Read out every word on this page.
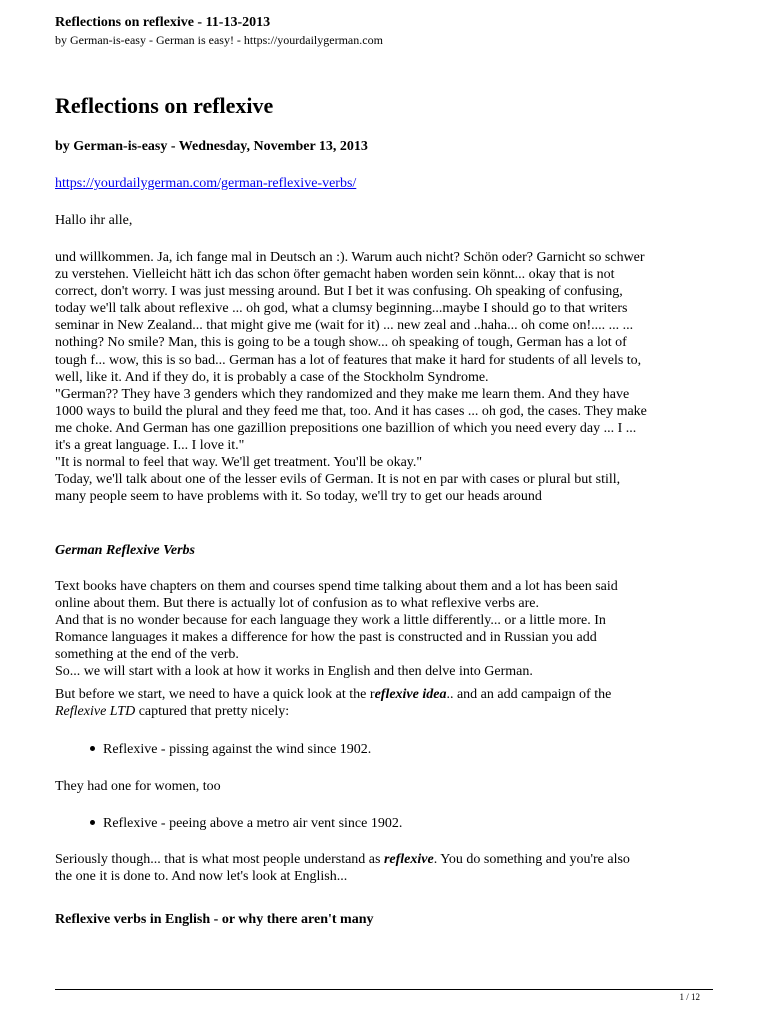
Reflections on reflexive - 11-13-2013
by German-is-easy - German is easy! - https://yourdailygerman.com
Reflections on reflexive
by German-is-easy - Wednesday, November 13, 2013
https://yourdailygerman.com/german-reflexive-verbs/
Hallo ihr alle,
und willkommen. Ja, ich fange mal in Deutsch an :). Warum auch nicht? Schön oder? Garnicht so schwer
zu verstehen. Vielleicht hätt ich das schon öfter gemacht haben worden sein könnt... okay that is not
correct, don't worry. I was just messing around. But I bet it was confusing. Oh speaking of confusing,
today we'll talk about reflexive ... oh god, what a clumsy beginning...maybe I should go to that writers
seminar in New Zealand... that might give me (wait for it) ... new zeal and ..haha... oh come on!.... ... ...
nothing? No smile? Man, this is going to be a tough show... oh speaking of tough, German has a lot of
tough f... wow, this is so bad... German has a lot of features that make it hard for students of all levels to,
well, like it. And if they do, it is probably a case of the Stockholm Syndrome.
"German?? They have 3 genders which they randomized and they make me learn them. And they have
1000 ways to build the plural and they feed me that, too. And it has cases ... oh god, the cases. They make
me choke. And German has one gazillion prepositions one bazillion of which you need every day ... I ...
it's a great language. I... I love it."
"It is normal to feel that way. We'll get treatment. You'll be okay."
Today, we'll talk about one of the lesser evils of German. It is not en par with cases or plural but still,
many people seem to have problems with it. So today, we'll try to get our heads around
German Reflexive Verbs
Text books have chapters on them and courses spend time talking about them and a lot has been said
online about them. But there is actually lot of confusion as to what reflexive verbs are.
And that is no wonder because for each language they work a little differently... or a little more. In
Romance languages it makes a difference for how the past is constructed and in Russian you add
something at the end of the verb.
So... we will start with a look at how it works in English and then delve into German.
But before we start, we need to have a quick look at the reflexive idea.. and an add campaign of the
Reflexive LTD captured that pretty nicely:
Reflexive - pissing against the wind since 1902.
They had one for women, too
Reflexive - peeing above a metro air vent since 1902.
Seriously though... that is what most people understand as reflexive. You do something and you're also
the one it is done to. And now let's look at English...
Reflexive verbs in English - or why there aren't many
1 / 12
